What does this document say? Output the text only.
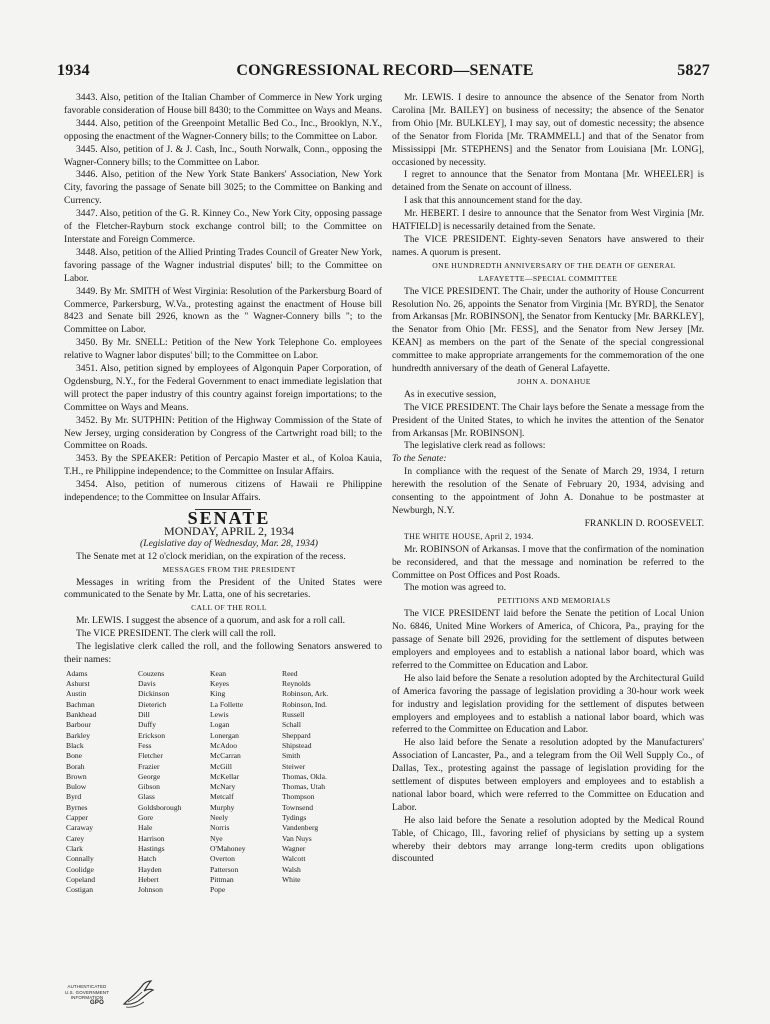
1934	CONGRESSIONAL RECORD—SENATE	5827

3443. Also, petition of the Italian Chamber of Commerce in New York urging favorable consideration of House bill 8430; to the Committee on Ways and Means.

3444. Also, petition of the Greenpoint Metallic Bed Co., Inc., Brooklyn, N.Y., opposing the enactment of the Wagner-Connery bills; to the Committee on Labor.

3445. Also, petition of J. & J. Cash, Inc., South Norwalk, Conn., opposing the Wagner-Connery bills; to the Committee on Labor.

3446. Also, petition of the New York State Bankers' Association, New York City, favoring the passage of Senate bill 3025; to the Committee on Banking and Currency.

3447. Also, petition of the G. R. Kinney Co., New York City, opposing passage of the Fletcher-Rayburn stock exchange control bill; to the Committee on Interstate and Foreign Commerce.

3448. Also, petition of the Allied Printing Trades Council of Greater New York, favoring passage of the Wagner industrial disputes' bill; to the Committee on Labor.

3449. By Mr. SMITH of West Virginia: Resolution of the Parkersburg Board of Commerce, Parkersburg, W.Va., protesting against the enactment of House bill 8423 and Senate bill 2926, known as the " Wagner-Connery bills "; to the Committee on Labor.

3450. By Mr. SNELL: Petition of the New York Telephone Co. employees relative to Wagner labor disputes' bill; to the Committee on Labor.

3451. Also, petition signed by employees of Algonquin Paper Corporation, of Ogdensburg, N.Y., for the Federal Government to enact immediate legislation that will protect the paper industry of this country against foreign importations; to the Committee on Ways and Means.

3452. By Mr. SUTPHIN: Petition of the Highway Commission of the State of New Jersey, urging consideration by Congress of the Cartwright road bill; to the Committee on Roads.

3453. By the SPEAKER: Petition of Percapio Master et al., of Koloa Kauia, T.H., re Philippine independence; to the Committee on Insular Affairs.

3454. Also, petition of numerous citizens of Hawaii re Philippine independence; to the Committee on Insular Affairs.

SENATE

MONDAY, APRIL 2, 1934

(Legislative day of Wednesday, Mar. 28, 1934)

The Senate met at 12 o'clock meridian, on the expiration of the recess.

MESSAGES FROM THE PRESIDENT

Messages in writing from the President of the United States were communicated to the Senate by Mr. Latta, one of his secretaries.

CALL OF THE ROLL

Mr. LEWIS. I suggest the absence of a quorum, and ask for a roll call.

The VICE PRESIDENT. The clerk will call the roll.

The legislative clerk called the roll, and the following Senators answered to their names:

Adams	Couzens	Kean	Reed
Ashurst	Davis	Keyes	Reynolds
Austin	Dickinson	King	Robinson, Ark.
Bachman	Dieterich	La Follette	Robinson, Ind.
Bankhead	Dill	Lewis	Russell
Barbour	Duffy	Logan	Schall
Barkley	Erickson	Lonergan	Sheppard
Black	Fess	McAdoo	Shipstead
Bone	Fletcher	McCarran	Smith
Borah	Frazier	McGill	Steiwer
Brown	George	McKellar	Thomas, Okla.
Bulow	Gibson	McNary	Thomas, Utah
Byrd	Glass	Metcalf	Thompson
Byrnes	Goldsborough	Murphy	Townsend
Capper	Gore	Neely	Tydings
Caraway	Hale	Norris	Vandenberg
Carey	Harrison	Nye	Van Nuys
Clark	Hastings	O'Mahoney	Wagner
Connally	Hatch	Overton	Walcott
Coolidge	Hayden	Patterson	Walsh
Copeland	Hebert	Pittman	White
Costigan	Johnson	Pope

Mr. LEWIS. I desire to announce the absence of the Senator from North Carolina [Mr. BAILEY] on business of necessity; the absence of the Senator from Ohio [Mr. BULKLEY], I may say, out of domestic necessity; the absence of the Senator from Florida [Mr. TRAMMELL] and that of the Senator from Mississippi [Mr. STEPHENS] and the Senator from Louisiana [Mr. LONG], occasioned by necessity.

I regret to announce that the Senator from Montana [Mr. WHEELER] is detained from the Senate on account of illness.

I ask that this announcement stand for the day.

Mr. HEBERT. I desire to announce that the Senator from West Virginia [Mr. HATFIELD] is necessarily detained from the Senate.

The VICE PRESIDENT. Eighty-seven Senators have answered to their names. A quorum is present.

ONE HUNDREDTH ANNIVERSARY OF THE DEATH OF GENERAL
LAFAYETTE—SPECIAL COMMITTEE

The VICE PRESIDENT. The Chair, under the authority of House Concurrent Resolution No. 26, appoints the Senator from Virginia [Mr. BYRD], the Senator from Arkansas [Mr. ROBINSON], the Senator from Kentucky [Mr. BARKLEY], the Senator from Ohio [Mr. FESS], and the Senator from New Jersey [Mr. KEAN] as members on the part of the Senate of the special congressional committee to make appropriate arrangements for the commemoration of the one hundredth anniversary of the death of General Lafayette.

JOHN A. DONAHUE

As in executive session,

The VICE PRESIDENT. The Chair lays before the Senate a message from the President of the United States, to which he invites the attention of the Senator from Arkansas [Mr. ROBINSON].

The legislative clerk read as follows:

To the Senate:

In compliance with the request of the Senate of March 29, 1934, I return herewith the resolution of the Senate of February 20, 1934, advising and consenting to the appointment of John A. Donahue to be postmaster at Newburgh, N.Y.

FRANKLIN D. ROOSEVELT.

THE WHITE HOUSE, April 2, 1934.

Mr. ROBINSON of Arkansas. I move that the confirmation of the nomination be reconsidered, and that the message and nomination be referred to the Committee on Post Offices and Post Roads.

The motion was agreed to.

PETITIONS AND MEMORIALS

The VICE PRESIDENT laid before the Senate the petition of Local Union No. 6846, United Mine Workers of America, of Chicora, Pa., praying for the passage of Senate bill 2926, providing for the settlement of disputes between employers and employees and to establish a national labor board, which was referred to the Committee on Education and Labor.

He also laid before the Senate a resolution adopted by the Architectural Guild of America favoring the passage of legislation providing a 30-hour work week for industry and legislation providing for the settlement of disputes between employers and employees and to establish a national labor board, which was referred to the Committee on Education and Labor.

He also laid before the Senate a resolution adopted by the Manufacturers' Association of Lancaster, Pa., and a telegram from the Oil Well Supply Co., of Dallas, Tex., protesting against the passage of legislation providing for the settlement of disputes between employers and employees and to establish a national labor board, which were referred to the Committee on Education and Labor.

He also laid before the Senate a resolution adopted by the Medical Round Table, of Chicago, Ill., favoring relief of physicians by setting up a system whereby their debtors may arrange long-term credits upon obligations discounted

AUTHENTICATED
U.S. GOVERNMENT
INFORMATION
GPO
